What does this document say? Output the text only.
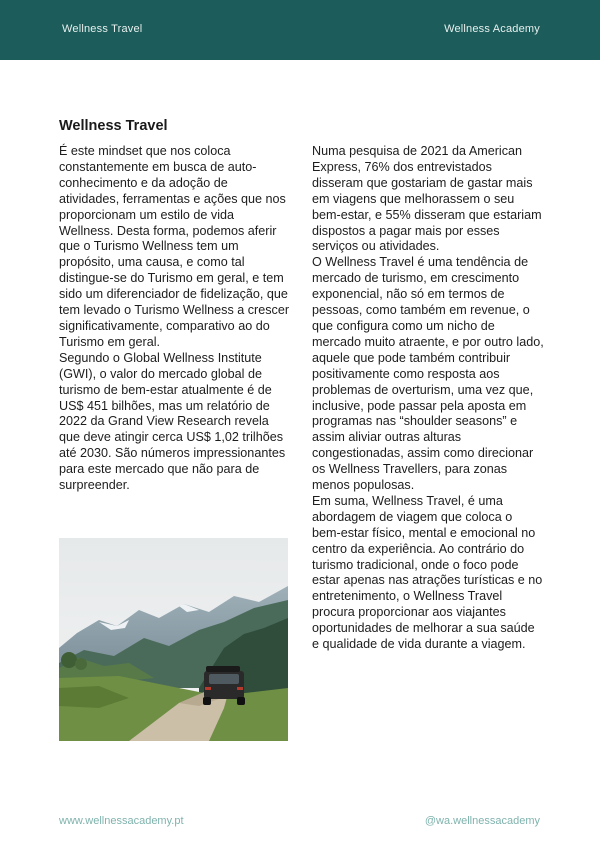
Wellness Travel	Wellness Academy
Wellness Travel

É este mindset que nos coloca constantemente em busca de auto-conhecimento e da adoção de atividades, ferramentas e ações que nos proporcionam um estilo de vida Wellness. Desta forma, podemos aferir que o Turismo Wellness tem um propósito, uma causa, e como tal distingue-se do Turismo em geral, e tem sido um diferenciador de fidelização, que tem levado o Turismo Wellness a crescer significativamente, comparativo ao do Turismo em geral.

Segundo o Global Wellness Institute (GWI), o valor do mercado global de turismo de bem-estar atualmente é de US$ 451 bilhões, mas um relatório de 2022 da Grand View Research revela que deve atingir cerca US$ 1,02 trilhões até 2030. São números impressionantes para este mercado que não para de surpreender.

Numa pesquisa de 2021 da American Express, 76% dos entrevistados disseram que gostariam de gastar mais em viagens que melhorassem o seu bem-estar, e 55% disseram que estariam dispostos a pagar mais por esses serviços ou atividades.

O Wellness Travel é uma tendência de mercado de turismo, em crescimento exponencial, não só em termos de pessoas, como também em revenue, o que configura como um nicho de mercado muito atraente, e por outro lado, aquele que pode também contribuir positivamente como resposta aos problemas de overturism, uma vez que, inclusive, pode passar pela aposta em programas nas “shoulder seasons” e assim aliviar outras alturas congestionadas, assim como direcionar os Wellness Travellers, para zonas menos populosas.

Em suma, Wellness Travel, é uma abordagem de viagem que coloca o bem-estar físico, mental e emocional no centro da experiência. Ao contrário do turismo tradicional, onde o foco pode estar apenas nas atrações turísticas e no entretenimento, o Wellness Travel procura proporcionar aos viajantes oportunidades de melhorar a sua saúde e qualidade de vida durante a viagem.

www.wellnessacademy.pt	@wa.wellnessacademy
